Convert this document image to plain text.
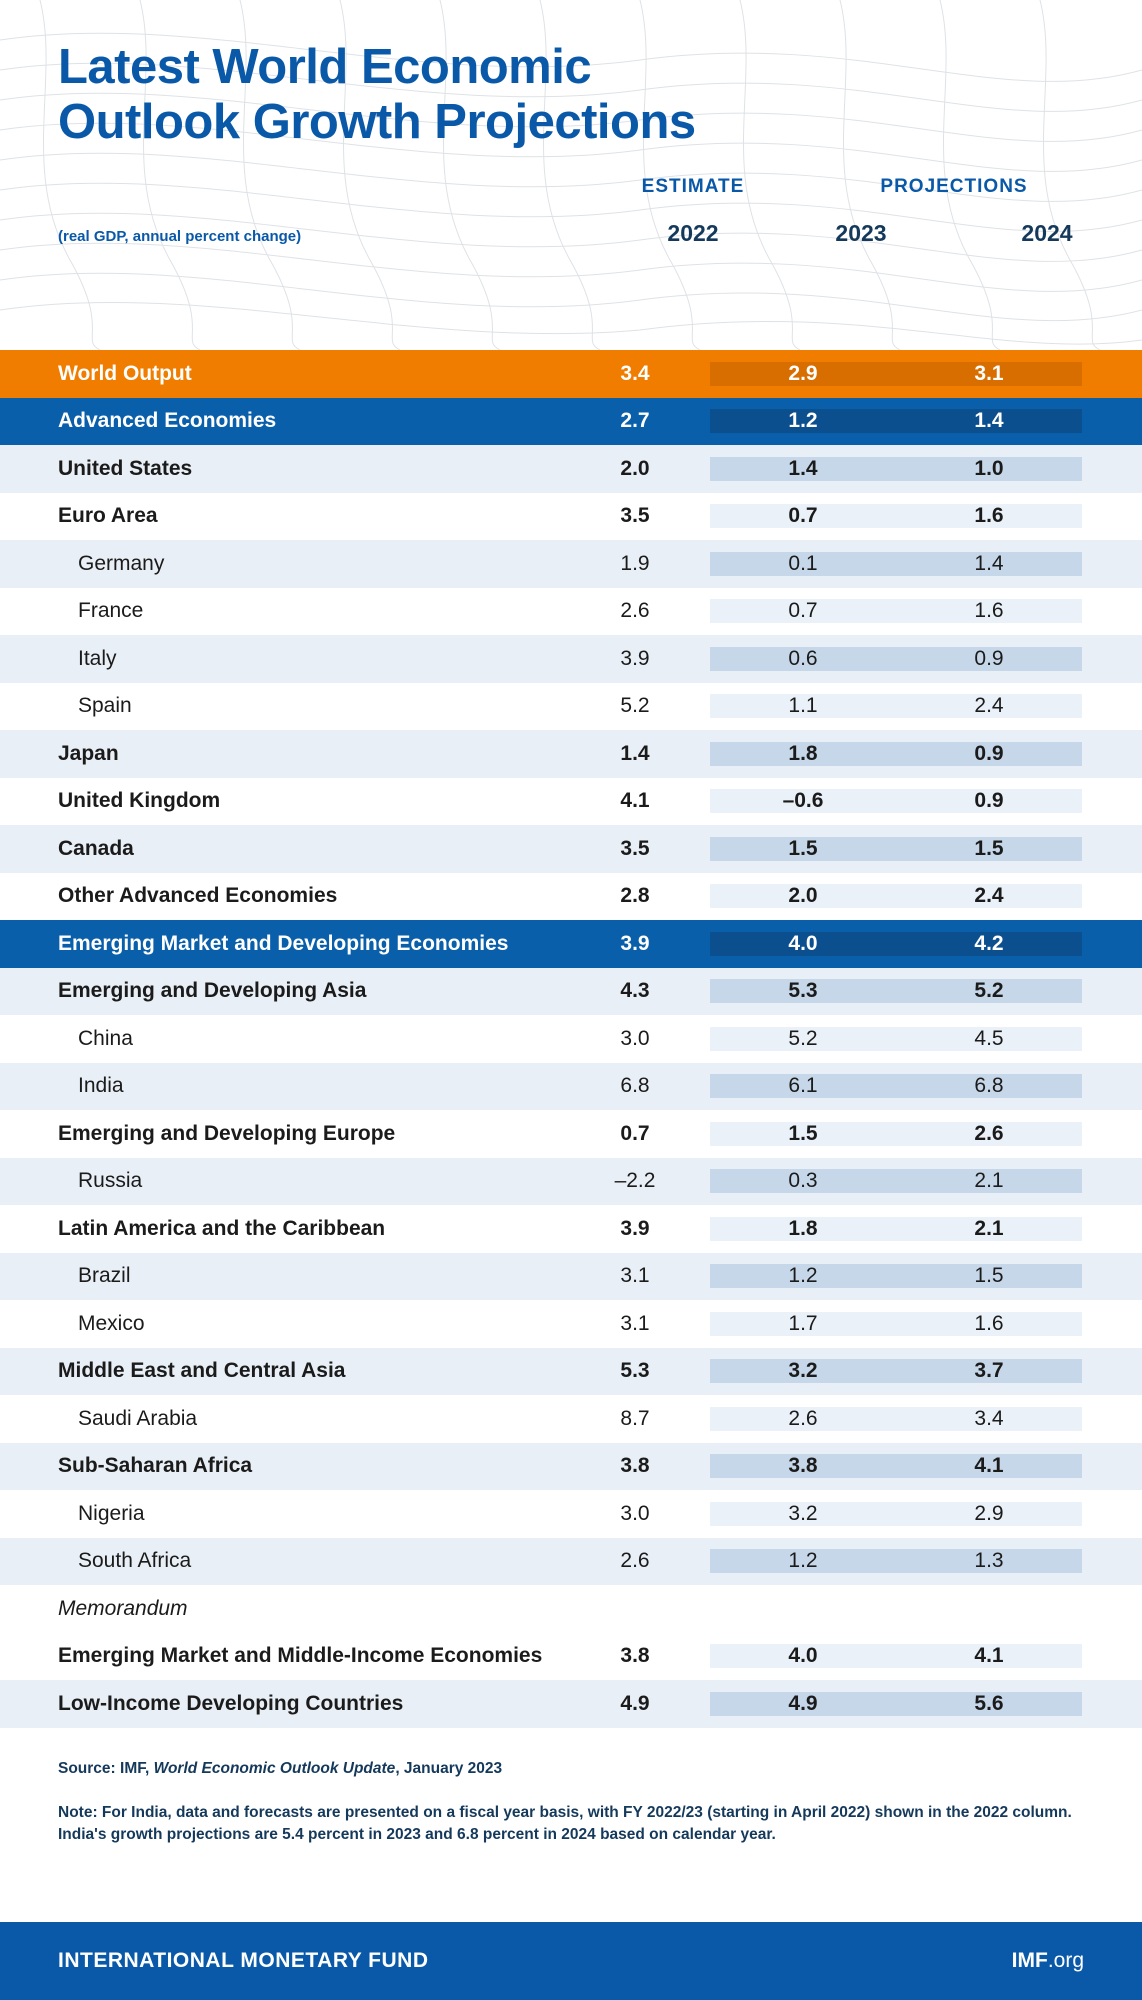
Latest World Economic
Outlook Growth Projections
ESTIMATE	PROJECTIONS
(real GDP, annual percent change)	2022	2023	2024
World Output	3.4	2.9	3.1
Advanced Economies	2.7	1.2	1.4
United States	2.0	1.4	1.0
Euro Area	3.5	0.7	1.6
Germany	1.9	0.1	1.4
France	2.6	0.7	1.6
Italy	3.9	0.6	0.9
Spain	5.2	1.1	2.4
Japan	1.4	1.8	0.9
United Kingdom	4.1	–0.6	0.9
Canada	3.5	1.5	1.5
Other Advanced Economies	2.8	2.0	2.4
Emerging Market and Developing Economies	3.9	4.0	4.2
Emerging and Developing Asia	4.3	5.3	5.2
China	3.0	5.2	4.5
India	6.8	6.1	6.8
Emerging and Developing Europe	0.7	1.5	2.6
Russia	–2.2	0.3	2.1
Latin America and the Caribbean	3.9	1.8	2.1
Brazil	3.1	1.2	1.5
Mexico	3.1	1.7	1.6
Middle East and Central Asia	5.3	3.2	3.7
Saudi Arabia	8.7	2.6	3.4
Sub-Saharan Africa	3.8	3.8	4.1
Nigeria	3.0	3.2	2.9
South Africa	2.6	1.2	1.3
Memorandum
Emerging Market and Middle-Income Economies	3.8	4.0	4.1
Low-Income Developing Countries	4.9	4.9	5.6

Source: IMF, World Economic Outlook Update, January 2023

Note: For India, data and forecasts are presented on a fiscal year basis, with FY 2022/23 (starting in April 2022) shown in the 2022 column. India's growth projections are 5.4 percent in 2023 and 6.8 percent in 2024 based on calendar year.

INTERNATIONAL MONETARY FUND	IMF.org
